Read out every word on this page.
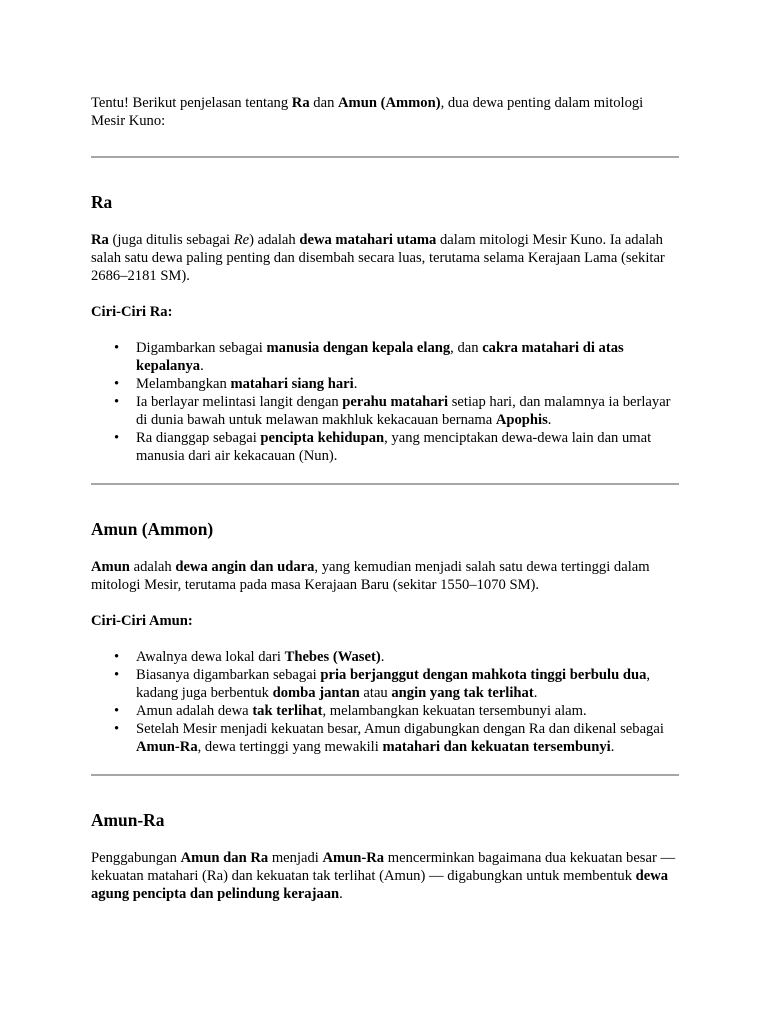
Tentu! Berikut penjelasan tentang Ra dan Amun (Ammon), dua dewa penting dalam mitologi Mesir Kuno:

Ra

Ra (juga ditulis sebagai Re) adalah dewa matahari utama dalam mitologi Mesir Kuno. Ia adalah salah satu dewa paling penting dan disembah secara luas, terutama selama Kerajaan Lama (sekitar 2686–2181 SM).

Ciri-Ciri Ra:

• Digambarkan sebagai manusia dengan kepala elang, dan cakra matahari di atas kepalanya.
• Melambangkan matahari siang hari.
• Ia berlayar melintasi langit dengan perahu matahari setiap hari, dan malamnya ia berlayar di dunia bawah untuk melawan makhluk kekacauan bernama Apophis.
• Ra dianggap sebagai pencipta kehidupan, yang menciptakan dewa-dewa lain dan umat manusia dari air kekacauan (Nun).
Amun (Ammon)

Amun adalah dewa angin dan udara, yang kemudian menjadi salah satu dewa tertinggi dalam mitologi Mesir, terutama pada masa Kerajaan Baru (sekitar 1550–1070 SM).

Ciri-Ciri Amun:

• Awalnya dewa lokal dari Thebes (Waset).
• Biasanya digambarkan sebagai pria berjanggut dengan mahkota tinggi berbulu dua, kadang juga berbentuk domba jantan atau angin yang tak terlihat.
• Amun adalah dewa tak terlihat, melambangkan kekuatan tersembunyi alam.
• Setelah Mesir menjadi kekuatan besar, Amun digabungkan dengan Ra dan dikenal sebagai Amun-Ra, dewa tertinggi yang mewakili matahari dan kekuatan tersembunyi.
Amun-Ra

Penggabungan Amun dan Ra menjadi Amun-Ra mencerminkan bagaimana dua kekuatan besar — kekuatan matahari (Ra) dan kekuatan tak terlihat (Amun) — digabungkan untuk membentuk dewa agung pencipta dan pelindung kerajaan.
